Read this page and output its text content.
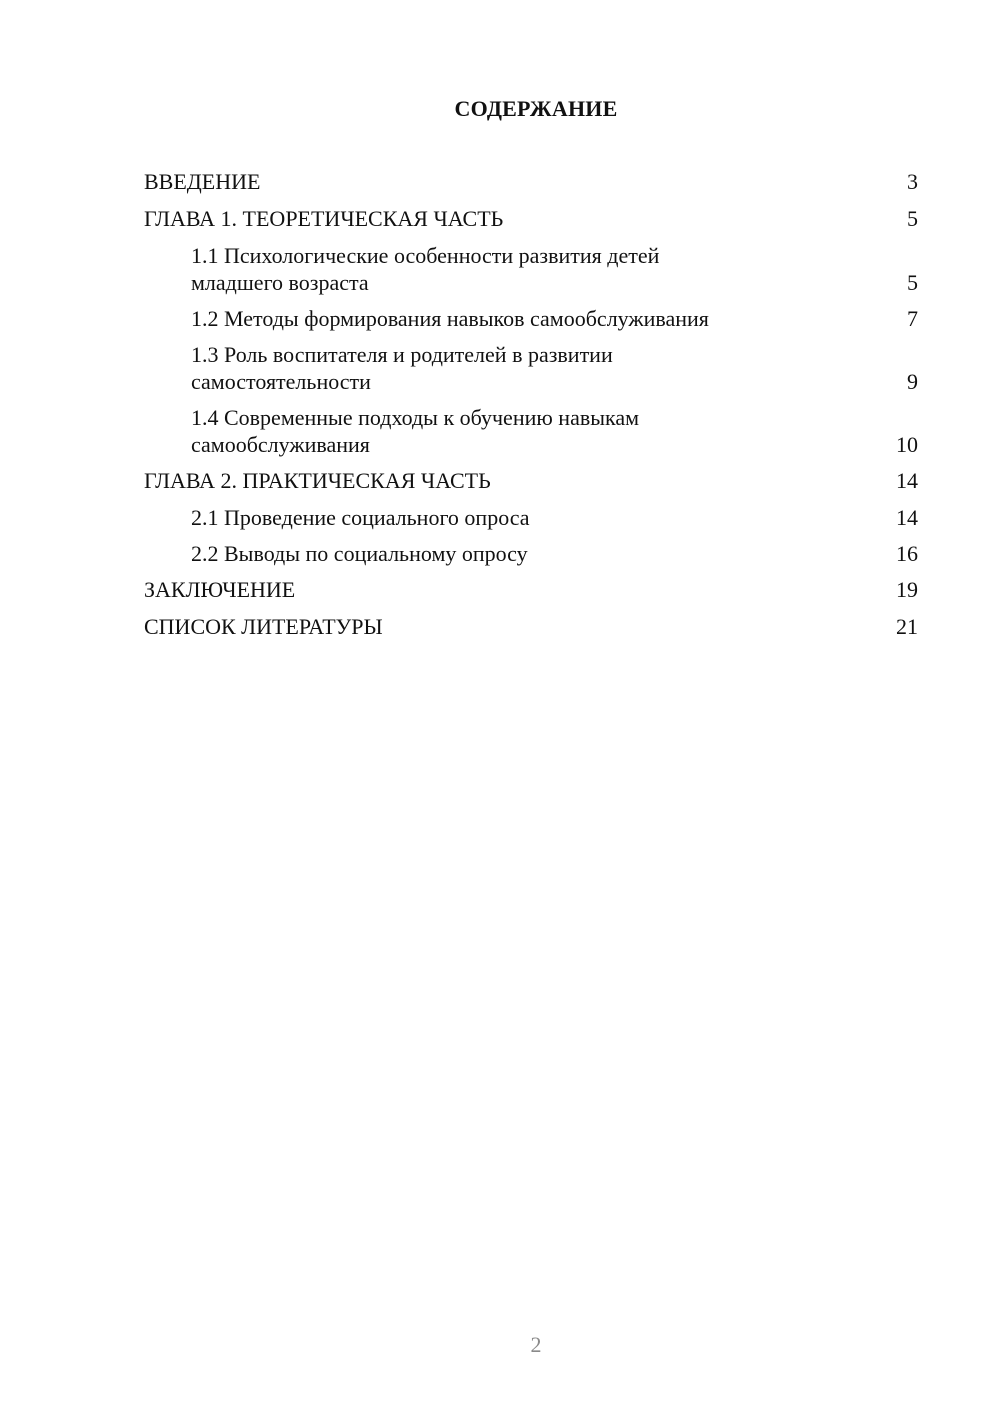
СОДЕРЖАНИЕ
ВВЕДЕНИЕ	3
ГЛАВА 1. ТЕОРЕТИЧЕСКАЯ ЧАСТЬ	5
1.1 Психологические особенности развития детей
младшего возраста	5
1.2 Методы формирования навыков самообслуживания	7
1.3 Роль воспитателя и родителей в развитии
самостоятельности	9
1.4 Современные подходы к обучению навыкам
самообслуживания	10
ГЛАВА 2. ПРАКТИЧЕСКАЯ ЧАСТЬ	14
2.1 Проведение социального опроса	14
2.2 Выводы по социальному опросу	16
ЗАКЛЮЧЕНИЕ	19
СПИСОК ЛИТЕРАТУРЫ	21
2
